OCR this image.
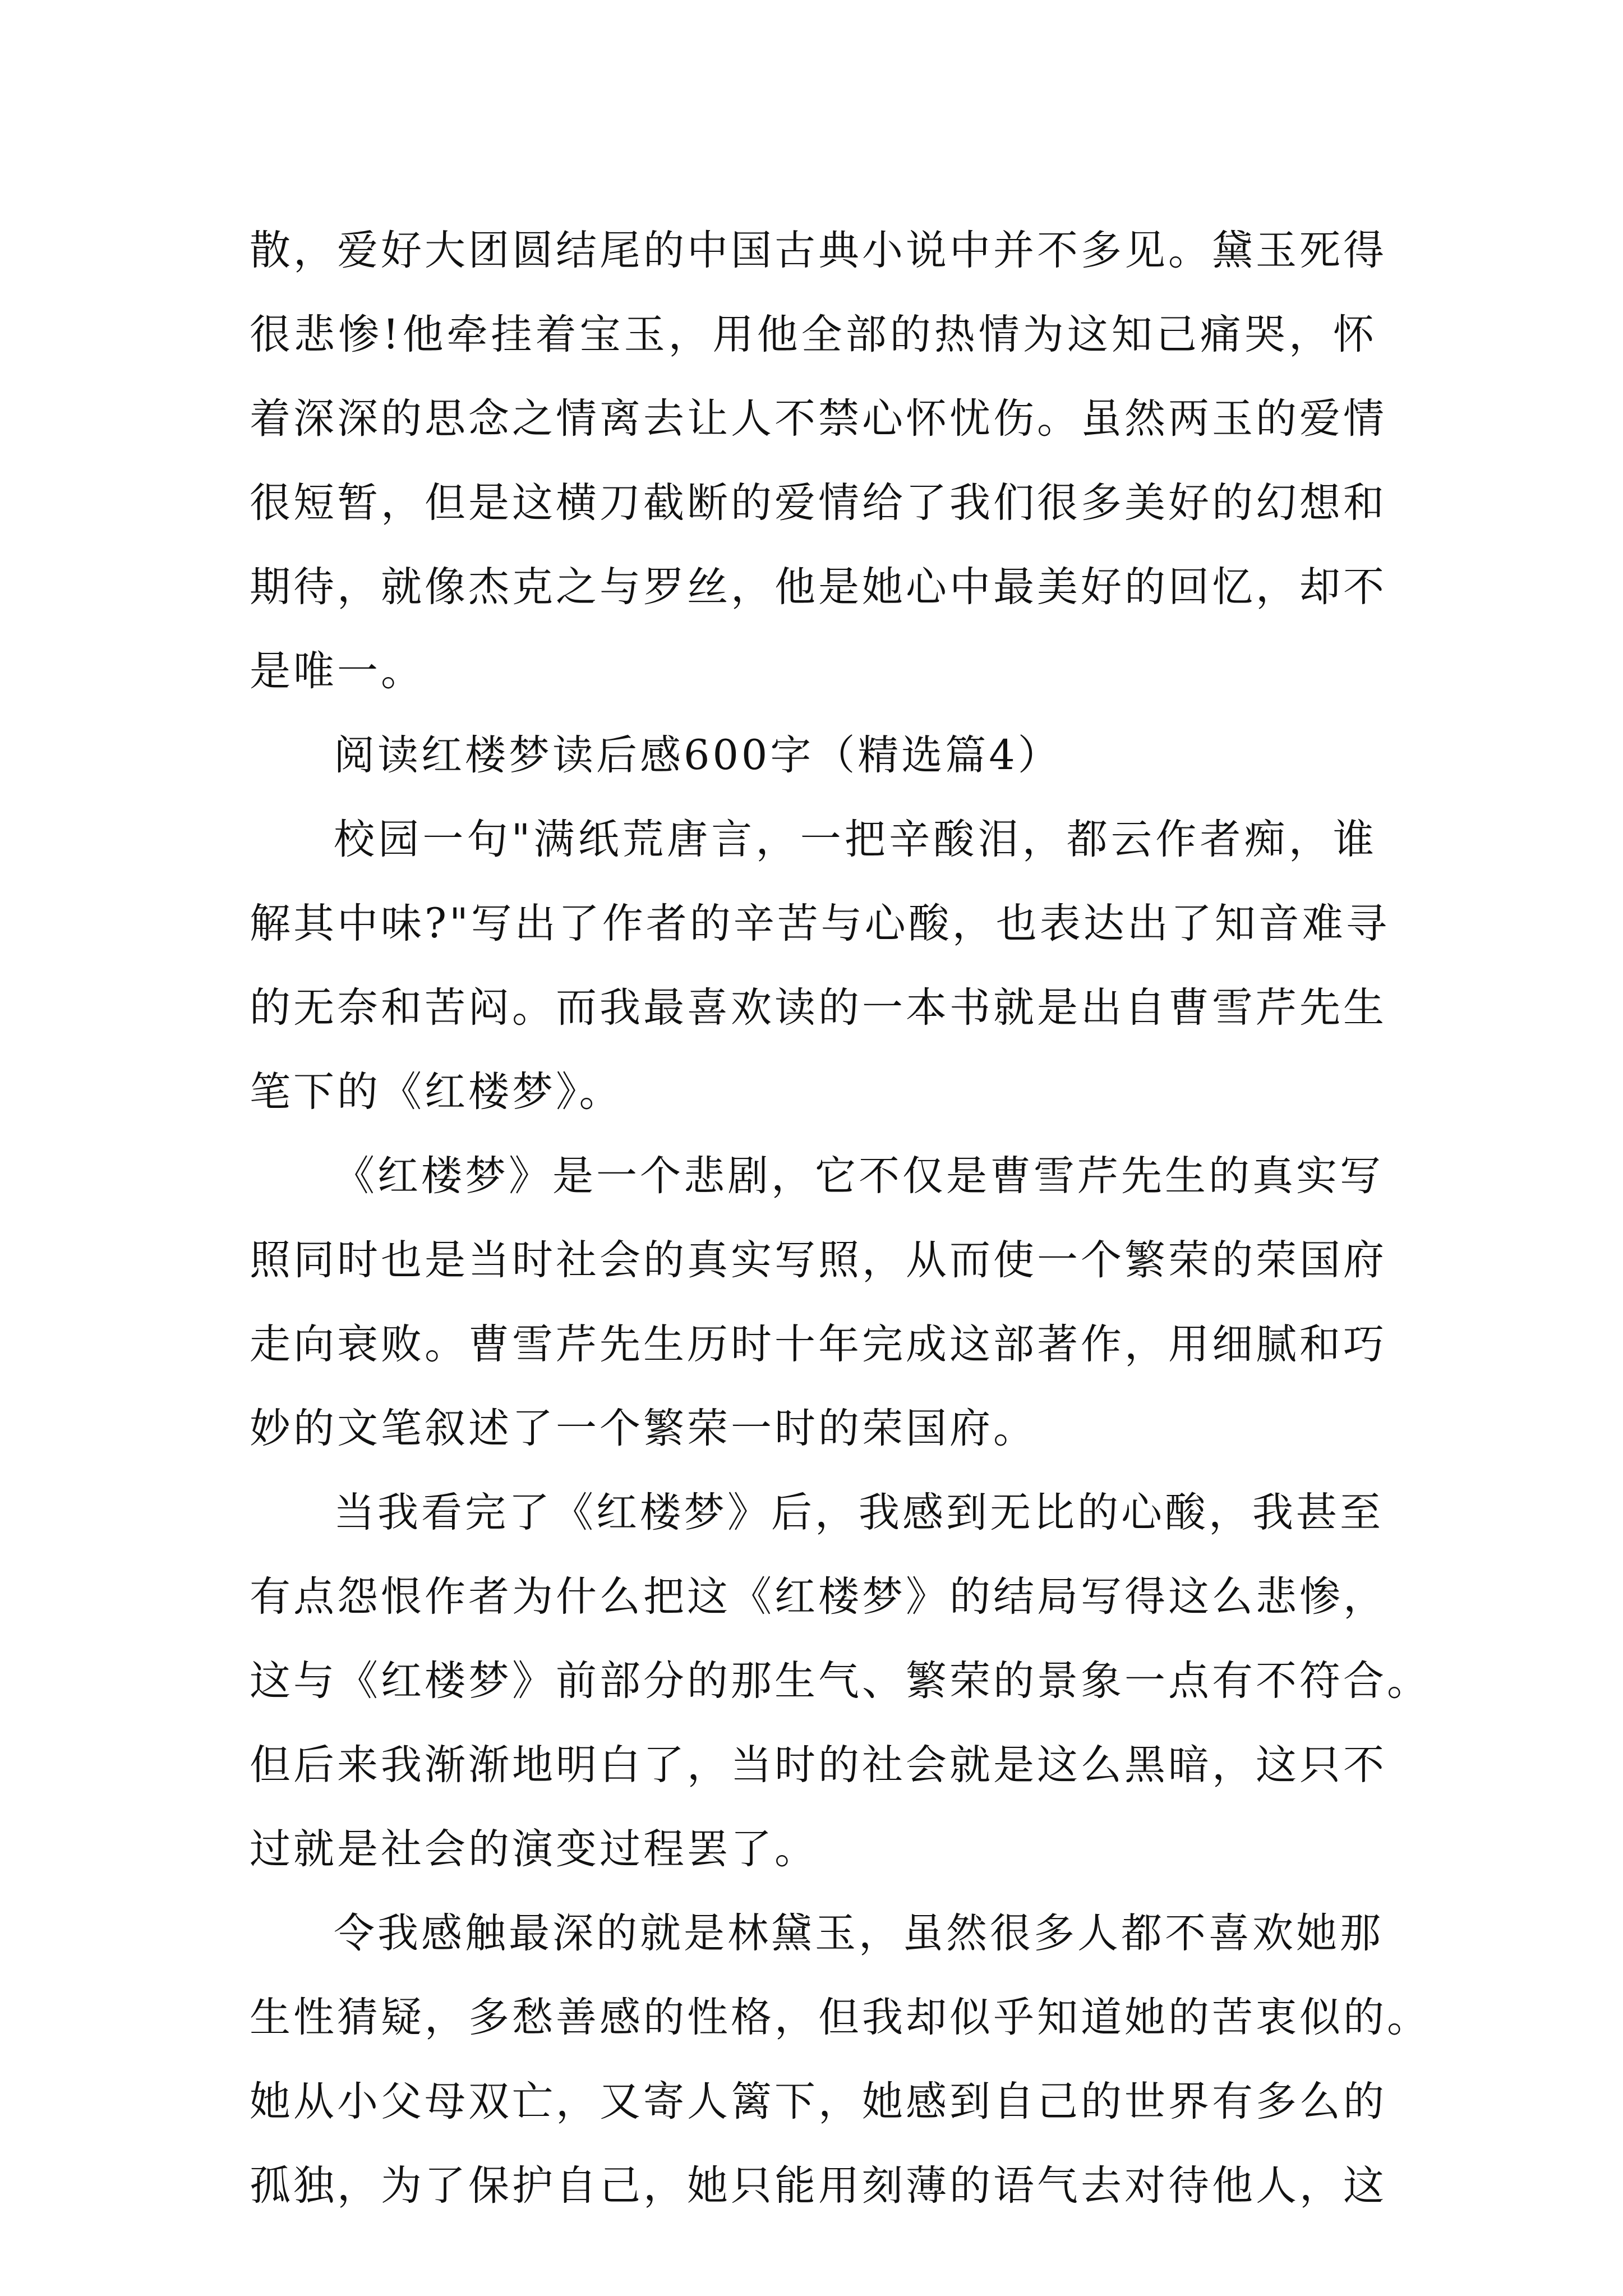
散，爱好大团圆结尾的中国古典小说中并不多见。黛玉死得
很悲惨!他牵挂着宝玉，用他全部的热情为这知己痛哭，怀
着深深的思念之情离去让人不禁心怀忧伤。虽然两玉的爱情
很短暂，但是这横刀截断的爱情给了我们很多美好的幻想和
期待，就像杰克之与罗丝，他是她心中最美好的回忆，却不
是唯一。
阅读红楼梦读后感600字（精选篇4）
校园一句"满纸荒唐言，一把辛酸泪，都云作者痴，谁
解其中味?"写出了作者的辛苦与心酸，也表达出了知音难寻
的无奈和苦闷。而我最喜欢读的一本书就是出自曹雪芹先生
笔下的《红楼梦》。
《红楼梦》是一个悲剧，它不仅是曹雪芹先生的真实写
照同时也是当时社会的真实写照，从而使一个繁荣的荣国府
走向衰败。曹雪芹先生历时十年完成这部著作，用细腻和巧
妙的文笔叙述了一个繁荣一时的荣国府。
当我看完了《红楼梦》后，我感到无比的心酸，我甚至
有点怨恨作者为什么把这《红楼梦》的结局写得这么悲惨，
这与《红楼梦》前部分的那生气、繁荣的景象一点有不符合。
但后来我渐渐地明白了，当时的社会就是这么黑暗，这只不
过就是社会的演变过程罢了。
令我感触最深的就是林黛玉，虽然很多人都不喜欢她那
生性猜疑，多愁善感的性格，但我却似乎知道她的苦衷似的。
她从小父母双亡，又寄人篱下，她感到自己的世界有多么的
孤独，为了保护自己，她只能用刻薄的语气去对待他人，这
